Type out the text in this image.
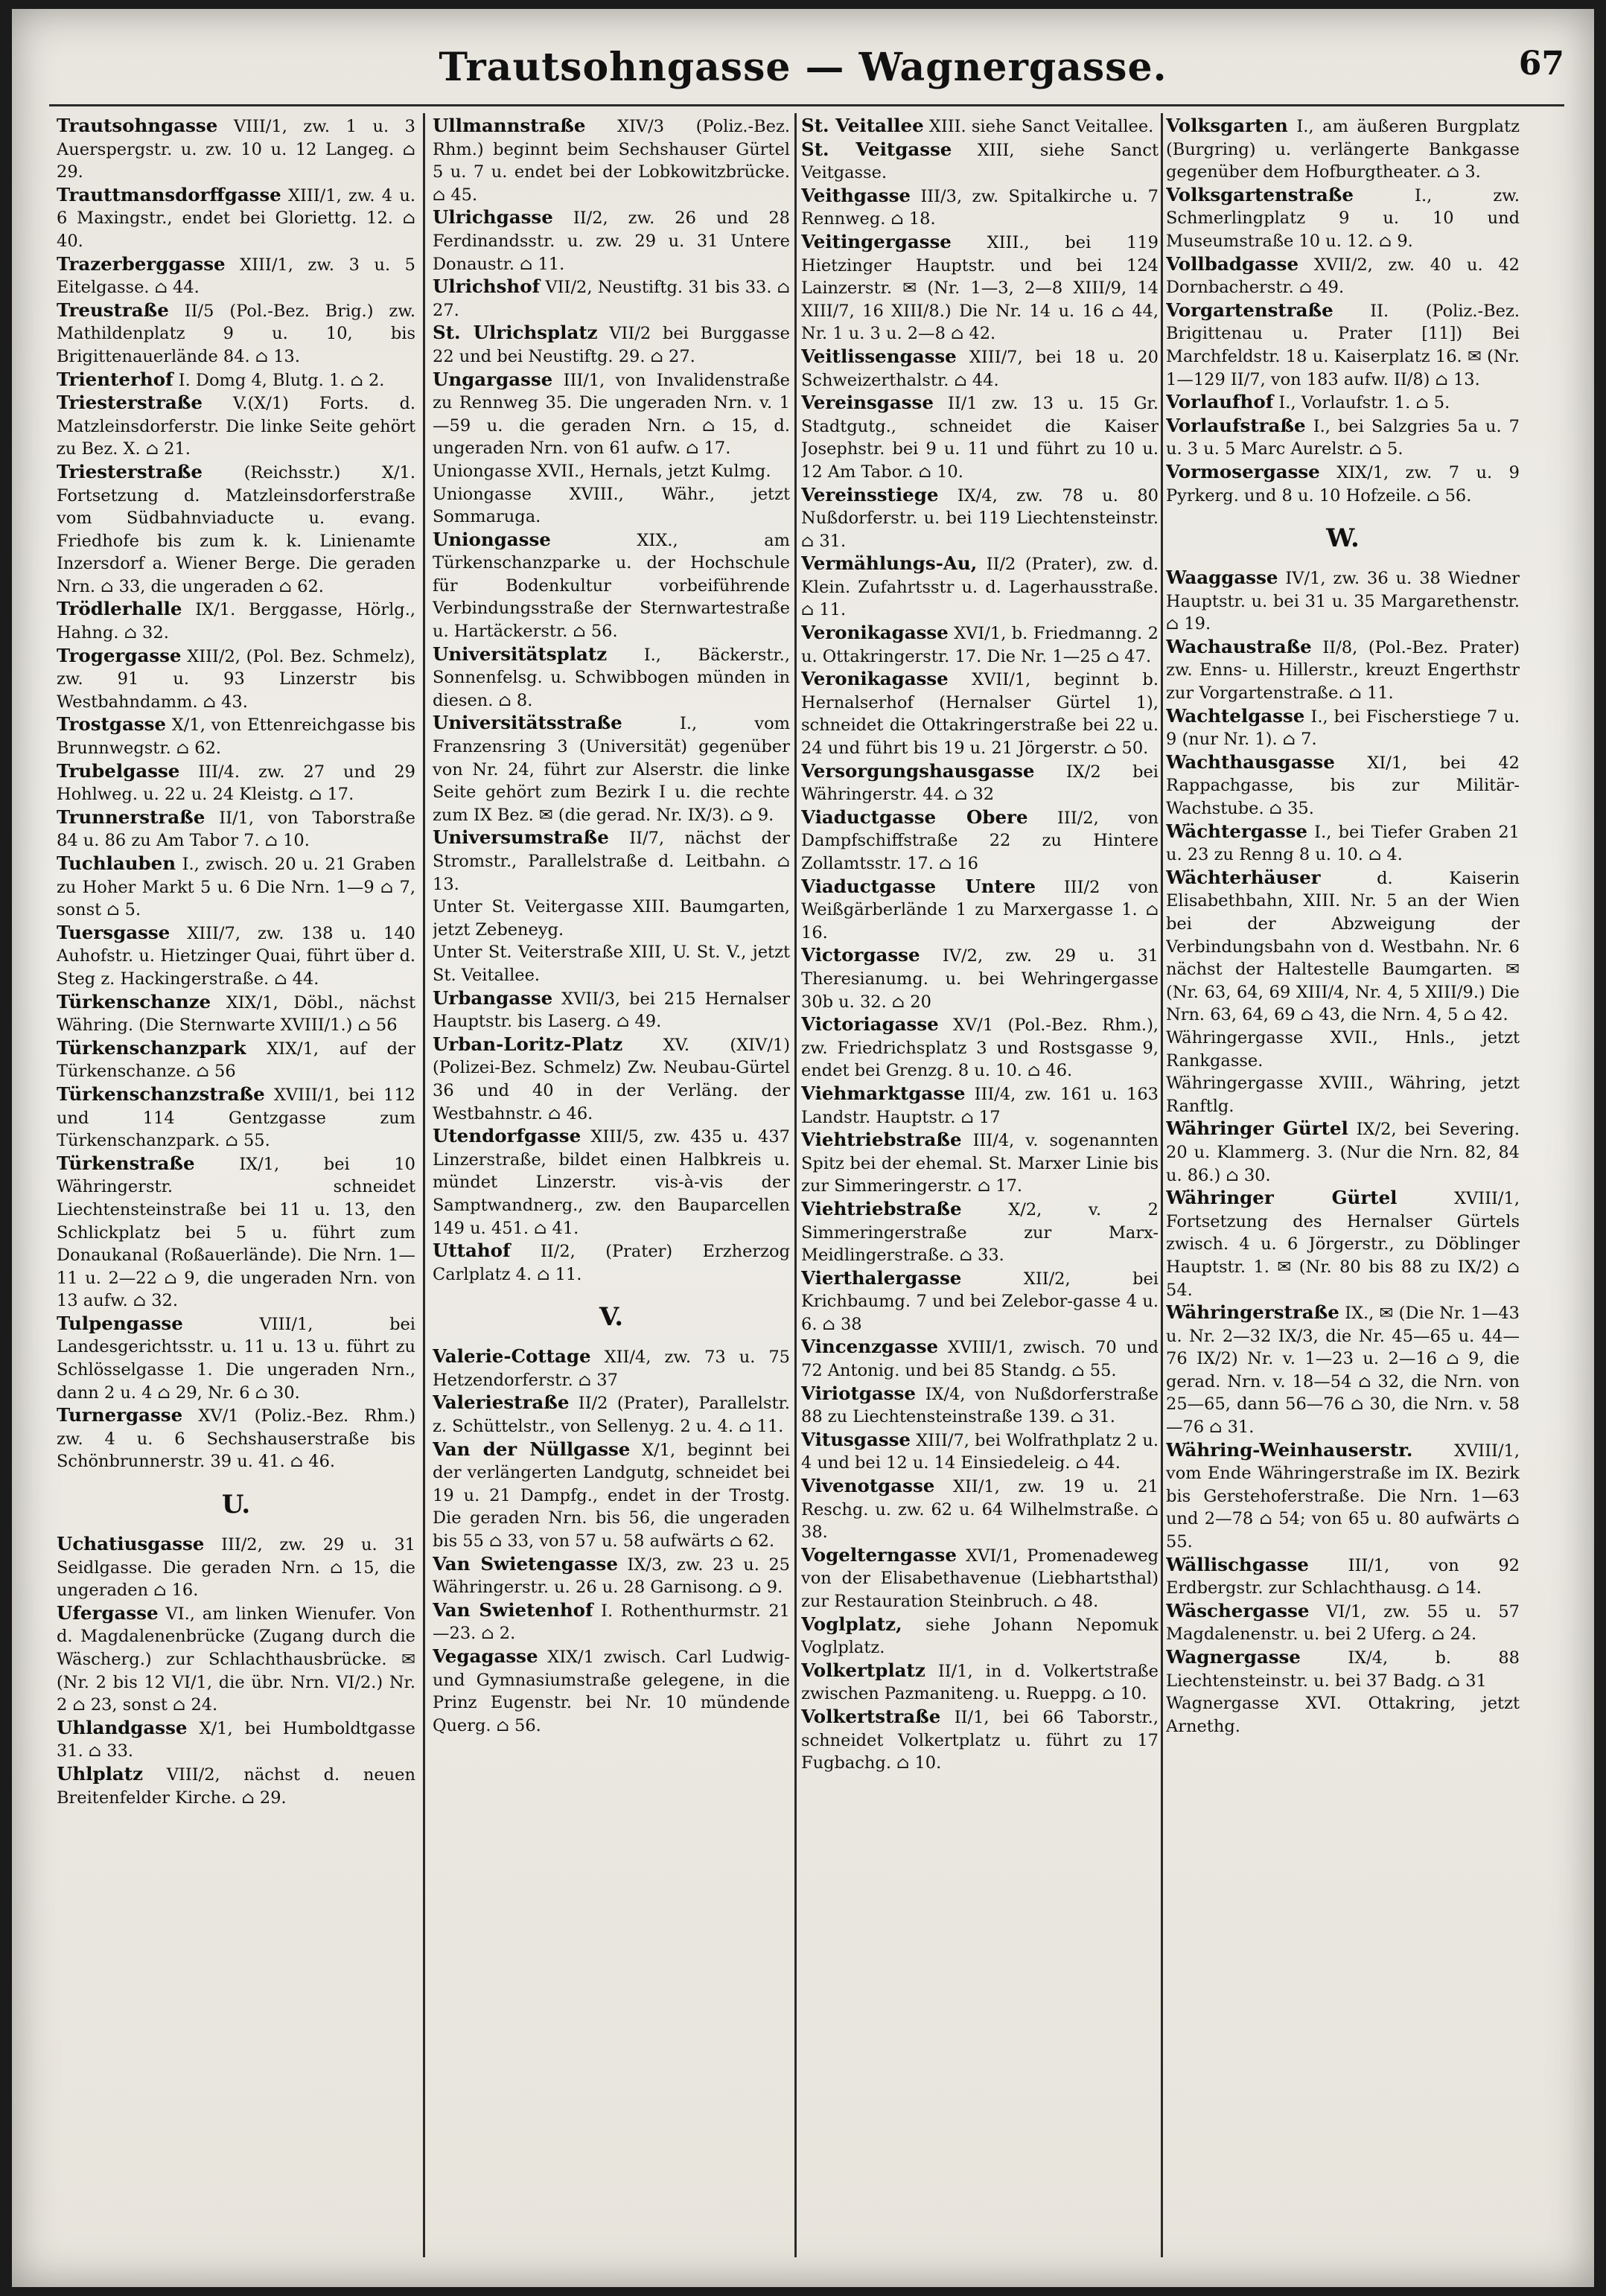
Trautsohngasse — Wagnergasse.	67

Trautsohngasse VIII/1, zw. 1 u. 3 Auerspergstr. u. zw. 10 u. 12 Langeg. ⌂ 29.

Trauttmansdorffgasse XIII/1, zw. 4 u. 6 Maxingstr., endet bei Gloriettg. 12. ⌂ 40.

Trazerberggasse XIII/1, zw. 3 u. 5 Eitelgasse. ⌂ 44.

Treustraße II/5 (Pol.-Bez. Brig.) zw. Mathildenplatz 9 u. 10, bis Brigittenauerlände 84. ⌂ 13.

Trienterhof I. Domg 4, Blutg. 1. ⌂ 2.

Triesterstraße V.(X/1) Forts. d. Matzleinsdorferstr. Die linke Seite gehört zu Bez. X. ⌂ 21.

Triesterstraße (Reichsstr.) X/1. Fortsetzung d. Matzleinsdorferstraße vom Südbahnviaducte u. evang. Friedhofe bis zum k. k. Linienamte Inzersdorf a. Wiener Berge. Die geraden Nrn. ⌂ 33, die ungeraden ⌂ 62.

Trödlerhalle IX/1. Berggasse, Hörlg., Hahng. ⌂ 32.

Trogergasse XIII/2, (Pol. Bez. Schmelz), zw. 91 u. 93 Linzerstr bis Westbahndamm. ⌂ 43.

Trostgasse X/1, von Ettenreichgasse bis Brunnwegstr. ⌂ 62.

Trubelgasse III/4. zw. 27 und 29 Hohlweg. u. 22 u. 24 Kleistg. ⌂ 17.

Trunnerstraße II/1, von Taborstraße 84 u. 86 zu Am Tabor 7. ⌂ 10.

Tuchlauben I., zwisch. 20 u. 21 Graben zu Hoher Markt 5 u. 6 Die Nrn. 1—9 ⌂ 7, sonst ⌂ 5.

Tuersgasse XIII/7, zw. 138 u. 140 Auhofstr. u. Hietzinger Quai, führt über d. Steg z. Hackingerstraße. ⌂ 44.

Türkenschanze XIX/1, Döbl., nächst Währing. (Die Sternwarte XVIII/1.) ⌂ 56

Türkenschanzpark XIX/1, auf der Türkenschanze. ⌂ 56

Türkenschanzstraße XVIII/1, bei 112 und 114 Gentzgasse zum Türkenschanzpark. ⌂ 55.

Türkenstraße IX/1, bei 10 Währingerstr. schneidet Liechtensteinstraße bei 11 u. 13, den Schlickplatz bei 5 u. führt zum Donaukanal (Roßauerlände). Die Nrn. 1—11 u. 2—22 ⌂ 9, die ungeraden Nrn. von 13 aufw. ⌂ 32.

Tulpengasse VIII/1, bei Landesgerichtsstr. u. 11 u. 13 u. führt zu Schlösselgasse 1. Die ungeraden Nrn., dann 2 u. 4 ⌂ 29, Nr. 6 ⌂ 30.

Turnergasse XV/1 (Poliz.-Bez. Rhm.) zw. 4 u. 6 Sechshauserstraße bis Schönbrunnerstr. 39 u. 41. ⌂ 46.

U.

Uchatiusgasse III/2, zw. 29 u. 31 Seidlgasse. Die geraden Nrn. ⌂ 15, die ungeraden ⌂ 16.

Ufergasse VI., am linken Wienufer. Von d. Magdalenenbrücke (Zugang durch die Wäscherg.) zur Schlachthausbrücke. ✉ (Nr. 2 bis 12 VI/1, die übr. Nrn. VI/2.) Nr. 2 ⌂ 23, sonst ⌂ 24.

Uhlandgasse X/1, bei Humboldtgasse 31. ⌂ 33.

Uhlplatz VIII/2, nächst d. neuen Breitenfelder Kirche. ⌂ 29.

Ullmannstraße XIV/3 (Poliz.-Bez. Rhm.) beginnt beim Sechshauser Gürtel 5 u. 7 u. endet bei der Lobkowitzbrücke. ⌂ 45.

Ulrichgasse II/2, zw. 26 und 28 Ferdinandsstr. u. zw. 29 u. 31 Untere Donaustr. ⌂ 11.

Ulrichshof VII/2, Neustiftg. 31 bis 33. ⌂ 27.

St. Ulrichsplatz VII/2 bei Burggasse 22 und bei Neustiftg. 29. ⌂ 27.

Ungargasse III/1, von Invalidenstraße zu Rennweg 35. Die ungeraden Nrn. v. 1—59 u. die geraden Nrn. ⌂ 15, d. ungeraden Nrn. von 61 aufw. ⌂ 17.

Uniongasse XVII., Hernals, jetzt Kulmg.

Uniongasse XVIII., Währ., jetzt Sommaruga.

Uniongasse XIX., am Türkenschanzparke u. der Hochschule für Bodenkultur vorbeiführende Verbindungsstraße der Sternwartestraße u. Hartäckerstr. ⌂ 56.

Universitätsplatz I., Bäckerstr., Sonnenfelsg. u. Schwibbogen münden in diesen. ⌂ 8.

Universitätsstraße I., vom Franzensring 3 (Universität) gegenüber von Nr. 24, führt zur Alserstr. die linke Seite gehört zum Bezirk I u. die rechte zum IX Bez. ✉ (die gerad. Nr. IX/3). ⌂ 9.

Universumstraße II/7, nächst der Stromstr., Parallelstraße d. Leitbahn. ⌂ 13.

Unter St. Veitergasse XIII. Baumgarten, jetzt Zebeneyg.

Unter St. Veiterstraße XIII, U. St. V., jetzt St. Veitallee.

Urbangasse XVII/3, bei 215 Hernalser Hauptstr. bis Laserg. ⌂ 49.

Urban-Loritz-Platz XV. (XIV/1) (Polizei-Bez. Schmelz) Zw. Neubau-Gürtel 36 und 40 in der Verläng. der Westbahnstr. ⌂ 46.

Utendorfgasse XIII/5, zw. 435 u. 437 Linzerstraße, bildet einen Halbkreis u. mündet Linzerstr. vis-à-vis der Samptwandnerg., zw. den Bauparcellen 149 u. 451. ⌂ 41.

Uttahof II/2, (Prater) Erzherzog Carlplatz 4. ⌂ 11.

V.

Valerie-Cottage XII/4, zw. 73 u. 75 Hetzendorferstr. ⌂ 37

Valeriestraße II/2 (Prater), Parallelstr. z. Schüttelstr., von Sellenyg. 2 u. 4. ⌂ 11.

Van der Nüllgasse X/1, beginnt bei der verlängerten Landgutg, schneidet bei 19 u. 21 Dampfg., endet in der Trostg. Die geraden Nrn. bis 56, die ungeraden bis 55 ⌂ 33, von 57 u. 58 aufwärts ⌂ 62.

Van Swietengasse IX/3, zw. 23 u. 25 Währingerstr. u. 26 u. 28 Garnisong. ⌂ 9.

Van Swietenhof I. Rothenthurmstr. 21—23. ⌂ 2.

Vegagasse XIX/1 zwisch. Carl Ludwig- und Gymnasiumstraße gelegene, in die Prinz Eugenstr. bei Nr. 10 mündende Querg. ⌂ 56.

St. Veitallee XIII. siehe Sanct Veitallee.

St. Veitgasse XIII, siehe Sanct Veitgasse.

Veithgasse III/3, zw. Spitalkirche u. 7 Rennweg. ⌂ 18.

Veitingergasse XIII., bei 119 Hietzinger Hauptstr. und bei 124 Lainzerstr. ✉ (Nr. 1—3, 2—8 XIII/9, 14 XIII/7, 16 XIII/8.) Die Nr. 14 u. 16 ⌂ 44, Nr. 1 u. 3 u. 2—8 ⌂ 42.

Veitlissengasse XIII/7, bei 18 u. 20 Schweizerthalstr. ⌂ 44.

Vereinsgasse II/1 zw. 13 u. 15 Gr. Stadtgutg., schneidet die Kaiser Josephstr. bei 9 u. 11 und führt zu 10 u. 12 Am Tabor. ⌂ 10.

Vereinsstiege IX/4, zw. 78 u. 80 Nußdorferstr. u. bei 119 Liechtensteinstr. ⌂ 31.

Vermählungs-Au, II/2 (Prater), zw. d. Klein. Zufahrtsstr u. d. Lagerhausstraße. ⌂ 11.

Veronikagasse XVI/1, b. Friedmanng. 2 u. Ottakringerstr. 17. Die Nr. 1—25 ⌂ 47.

Veronikagasse XVII/1, beginnt b. Hernalserhof (Hernalser Gürtel 1), schneidet die Ottakringerstraße bei 22 u. 24 und führt bis 19 u. 21 Jörgerstr. ⌂ 50.

Versorgungshausgasse IX/2 bei Währingerstr. 44. ⌂ 32

Viaductgasse Obere III/2, von Dampfschiffstraße 22 zu Hintere Zollamtsstr. 17. ⌂ 16

Viaductgasse Untere III/2 von Weißgärberlände 1 zu Marxergasse 1. ⌂ 16.

Victorgasse IV/2, zw. 29 u. 31 Theresianumg. u. bei Wehringergasse 30b u. 32. ⌂ 20

Victoriagasse XV/1 (Pol.-Bez. Rhm.), zw. Friedrichsplatz 3 und Rostsgasse 9, endet bei Grenzg. 8 u. 10. ⌂ 46.

Viehmarktgasse III/4, zw. 161 u. 163 Landstr. Hauptstr. ⌂ 17

Viehtriebstraße III/4, v. sogenannten Spitz bei der ehemal. St. Marxer Linie bis zur Simmeringerstr. ⌂ 17.

Viehtriebstraße X/2, v. 2 Simmeringerstraße zur Marx-Meidlingerstraße. ⌂ 33.

Vierthalergasse XII/2, bei Krichbaumg. 7 und bei Zelebor-gasse 4 u. 6. ⌂ 38

Vincenzgasse XVIII/1, zwisch. 70 und 72 Antonig. und bei 85 Standg. ⌂ 55.

Viriotgasse IX/4, von Nußdorferstraße 88 zu Liechtensteinstraße 139. ⌂ 31.

Vitusgasse XIII/7, bei Wolfrathplatz 2 u. 4 und bei 12 u. 14 Einsiedeleig. ⌂ 44.

Vivenotgasse XII/1, zw. 19 u. 21 Reschg. u. zw. 62 u. 64 Wilhelmstraße. ⌂ 38.

Vogelterngasse XVI/1, Promenadeweg von der Elisabethavenue (Liebhartsthal) zur Restauration Steinbruch. ⌂ 48.

Voglplatz, siehe Johann Nepomuk Voglplatz.

Volkertplatz II/1, in d. Volkertstraße zwischen Pazmaniteng. u. Rueppg. ⌂ 10.

Volkertstraße II/1, bei 66 Taborstr., schneidet Volkertplatz u. führt zu 17 Fugbachg. ⌂ 10.

Volksgarten I., am äußeren Burgplatz (Burgring) u. verlängerte Bankgasse gegenüber dem Hofburgtheater. ⌂ 3.

Volksgartenstraße I., zw. Schmerlingplatz 9 u. 10 und Museumstraße 10 u. 12. ⌂ 9.

Vollbadgasse XVII/2, zw. 40 u. 42 Dornbacherstr. ⌂ 49.

Vorgartenstraße II. (Poliz.-Bez. Brigittenau u. Prater [11]) Bei Marchfeldstr. 18 u. Kaiserplatz 16. ✉ (Nr. 1—129 II/7, von 183 aufw. II/8) ⌂ 13.

Vorlaufhof I., Vorlaufstr. 1. ⌂ 5.

Vorlaufstraße I., bei Salzgries 5a u. 7 u. 3 u. 5 Marc Aurelstr. ⌂ 5.

Vormosergasse XIX/1, zw. 7 u. 9 Pyrkerg. und 8 u. 10 Hofzeile. ⌂ 56.

W.

Waaggasse IV/1, zw. 36 u. 38 Wiedner Hauptstr. u. bei 31 u. 35 Margarethenstr. ⌂ 19.

Wachaustraße II/8, (Pol.-Bez. Prater) zw. Enns- u. Hillerstr., kreuzt Engerthstr zur Vorgartenstraße. ⌂ 11.

Wachtelgasse I., bei Fischerstiege 7 u. 9 (nur Nr. 1). ⌂ 7.

Wachthausgasse XI/1, bei 42 Rappachgasse, bis zur Militär-Wachstube. ⌂ 35.

Wächtergasse I., bei Tiefer Graben 21 u. 23 zu Renng 8 u. 10. ⌂ 4.

Wächterhäuser d. Kaiserin Elisabethbahn, XIII. Nr. 5 an der Wien bei der Abzweigung der Verbindungsbahn von d. Westbahn. Nr. 6 nächst der Haltestelle Baumgarten. ✉ (Nr. 63, 64, 69 XIII/4, Nr. 4, 5 XIII/9.) Die Nrn. 63, 64, 69 ⌂ 43, die Nrn. 4, 5 ⌂ 42.

Währingergasse XVII., Hnls., jetzt Rankgasse.

Währingergasse XVIII., Währing, jetzt Ranftlg.

Währinger Gürtel IX/2, bei Severing. 20 u. Klammerg. 3. (Nur die Nrn. 82, 84 u. 86.) ⌂ 30.

Währinger Gürtel XVIII/1, Fortsetzung des Hernalser Gürtels zwisch. 4 u. 6 Jörgerstr., zu Döblinger Hauptstr. 1. ✉ (Nr. 80 bis 88 zu IX/2) ⌂ 54.

Währingerstraße IX., ✉ (Die Nr. 1—43 u. Nr. 2—32 IX/3, die Nr. 45—65 u. 44—76 IX/2) Nr. v. 1—23 u. 2—16 ⌂ 9, die gerad. Nrn. v. 18—54 ⌂ 32, die Nrn. von 25—65, dann 56—76 ⌂ 30, die Nrn. v. 58—76 ⌂ 31.

Währing-Weinhauserstr. XVIII/1, vom Ende Währingerstraße im IX. Bezirk bis Gerstehoferstraße. Die Nrn. 1—63 und 2—78 ⌂ 54; von 65 u. 80 aufwärts ⌂ 55.

Wällischgasse III/1, von 92 Erdbergstr. zur Schlachthausg. ⌂ 14.

Wäschergasse VI/1, zw. 55 u. 57 Magdalenenstr. u. bei 2 Uferg. ⌂ 24.

Wagnergasse IX/4, b. 88 Liechtensteinstr. u. bei 37 Badg. ⌂ 31

Wagnergasse XVI. Ottakring, jetzt Arnethg.
